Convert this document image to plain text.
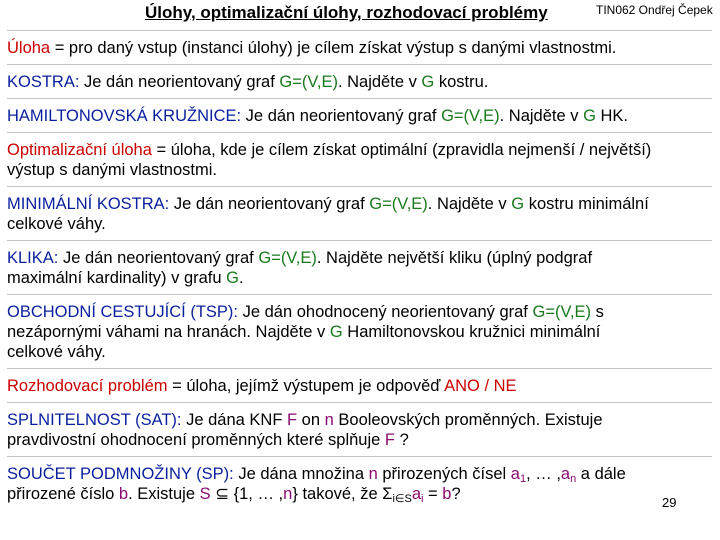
Úlohy, optimalizační úlohy, rozhodovací problémy	TIN062 Ondřej Čepek
Úloha = pro daný vstup (instanci úlohy) je cílem získat výstup s danými vlastnostmi.
KOSTRA: Je dán neorientovaný graf G=(V,E). Najděte v G kostru.
HAMILTONOVSKÁ KRUŽNICE: Je dán neorientovaný graf G=(V,E). Najděte v G HK.
Optimalizační úloha = úloha, kde je cílem získat optimální (zpravidla nejmenší / největší)
výstup s danými vlastnostmi.
MINIMÁLNÍ KOSTRA: Je dán neorientovaný graf G=(V,E). Najděte v G kostru minimální
celkové váhy.
KLIKA: Je dán neorientovaný graf G=(V,E). Najděte největší kliku (úplný podgraf
maximální kardinality) v grafu G.
OBCHODNÍ CESTUJÍCÍ (TSP): Je dán ohodnocený neorientovaný graf G=(V,E) s
nezápornými váhami na hranách. Najděte v G Hamiltonovskou kružnici minimální
celkové váhy.
Rozhodovací problém = úloha, jejímž výstupem je odpověď ANO / NE
SPLNITELNOST (SAT): Je dána KNF F on n Booleovských proměnných. Existuje
pravdivostní ohodnocení proměnných které splňuje F ?
SOUČET PODMNOŽINY (SP): Je dána množina n přirozených čísel $a_1$, … $,a_n$ a dále
přirozené číslo b. Existuje S ⊆ {1, … ,n} takové, že $\Sigma_{i\in S}a_i = b$?	29
